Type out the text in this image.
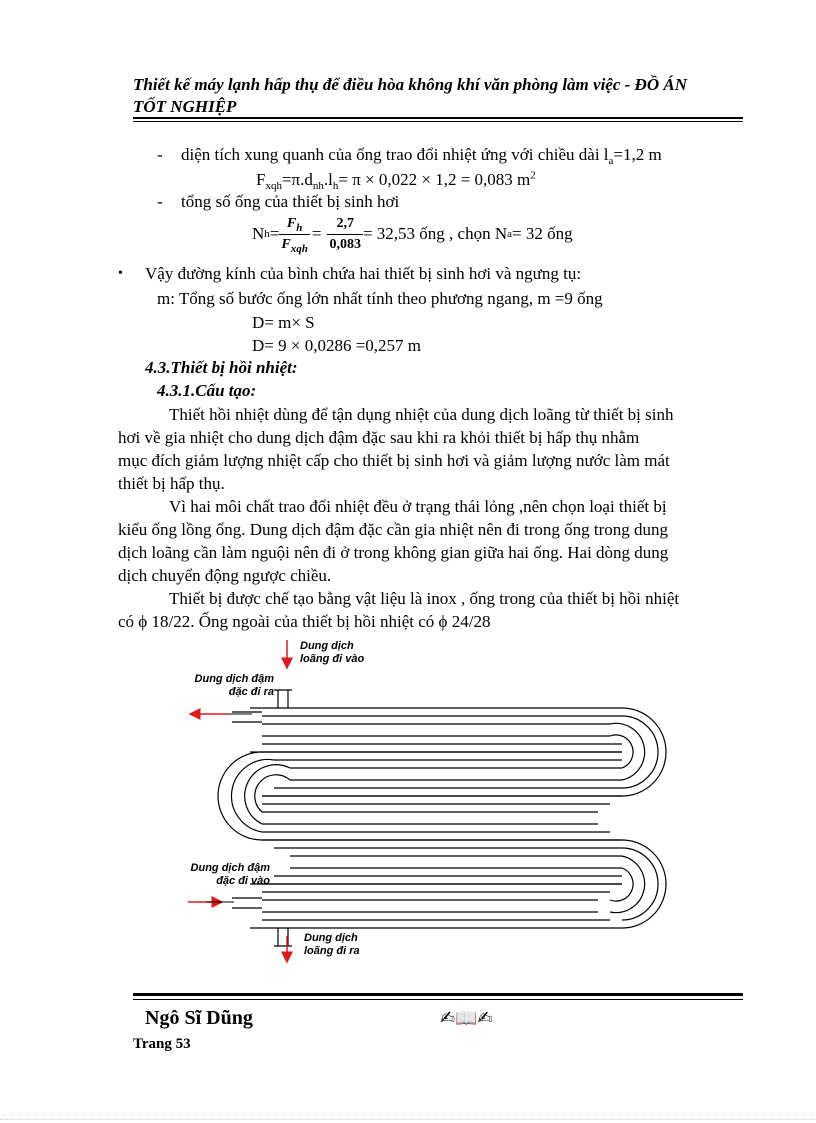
Thiết kế máy lạnh hấp thụ để điều hòa không khí văn phòng làm việc - ĐỒ ÁN
TỐT NGHIỆP
- diện tích xung quanh của ống trao đổi nhiệt ứng với chiều dài $l_a=1,2$ m
$F_{xqh}=\pi.d_{nh}.l_h= \pi \times 0,022 \times 1,2 = 0,083$ $m^2$
- tổng số ống của thiết bị sinh hơi
N $h = \frac{F_h}{F_{xqh}} = \frac{2,7}{0,083} = 32,53$ ống , chọn N a = 32 ống
• Vậy đường kính của bình chứa hai thiết bị sinh hơi và ngưng tụ:
m: Tổng số bước ống lớn nhất tính theo phương ngang, m =9 ống
D= m× S
D= 9 × 0,0286 =0,257 m
4.3.Thiết bị hồi nhiệt:
4.3.1.Cấu tạo:
Thiết hồi nhiệt dùng để tận dụng nhiệt của dung dịch loãng từ thiết bị sinh
hơi về gia nhiệt cho dung dịch đậm đặc sau khi ra khỏi thiết bị hấp thụ nhằm
mục đích giảm lượng nhiệt cấp cho thiết bị sinh hơi và giảm lượng nước làm mát
thiết bị hấp thụ.
Vì hai môi chất trao đổi nhiệt đều ở trạng thái lỏng ,nên chọn loại thiết bị
kiểu ống lồng ống. Dung dịch đậm đặc cần gia nhiệt nên đi trong ống trong dung
dịch loãng cần làm nguội nên đi ở trong không gian giữa hai ống. Hai dòng dung
dịch chuyển động ngược chiều.
Thiết bị được chế tạo bằng vật liệu là inox , ống trong của thiết bị hồi nhiệt
có ϕ 18/22. Ống ngoài của thiết bị hồi nhiệt có ϕ 24/28
Dung dịch
loãng đi vào
Dung dịch đậm
đặc đi ra
Dung dịch đậm
đặc đi vào
Dung dịch
loãng đi ra
Ngô Sĩ Dũng	✍📖✍
Trang 53
